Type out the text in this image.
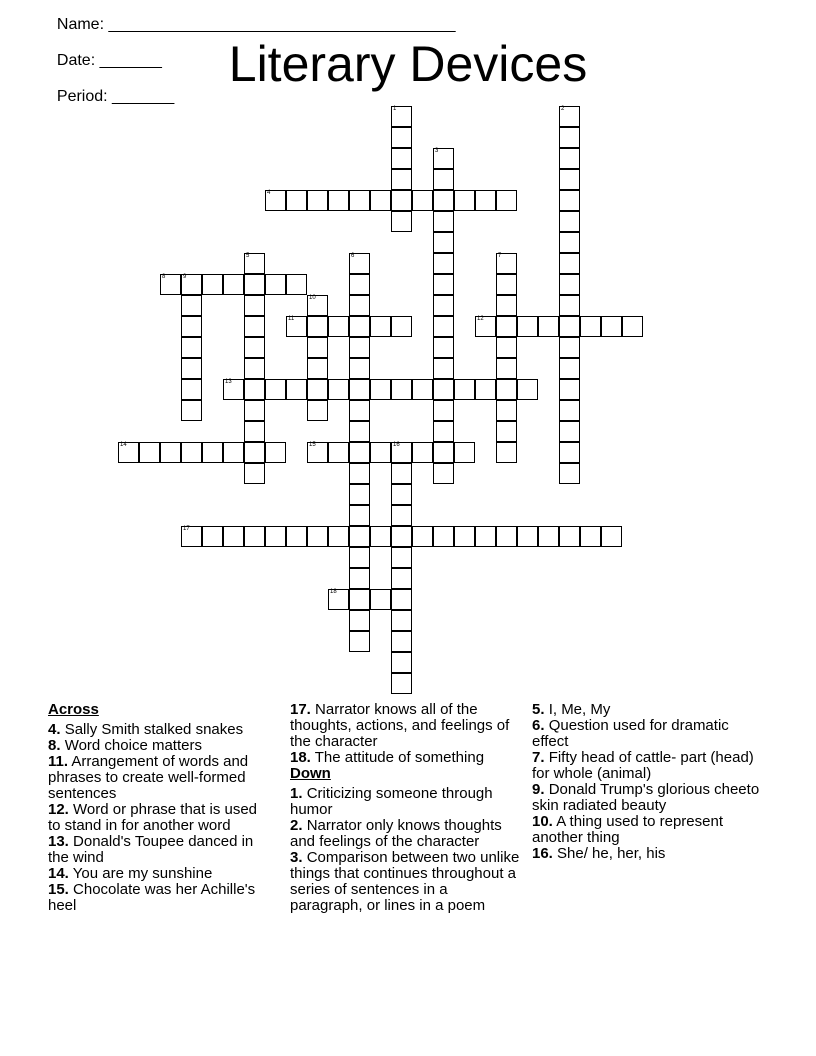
Name: _______________________________________

Date: _______

Period: _______

Literary Devices
1	2
3
4
5	6	7
8	9
10
11	12
13
14	15	16
17
18
Across
4. Sally Smith stalked snakes
8. Word choice matters
11. Arrangement of words and phrases to create well-formed sentences
12. Word or phrase that is used to stand in for another word
13. Donald's Toupee danced in the wind
14. You are my sunshine
15. Chocolate was her Achille's heel
17. Narrator knows all of the thoughts, actions, and feelings of the character
18. The attitude of something
Down
1. Criticizing someone through humor
2. Narrator only knows thoughts and feelings of the character
3. Comparison between two unlike things that continues throughout a series of sentences in a paragraph, or lines in a poem
5. I, Me, My
6. Question used for dramatic effect
7. Fifty head of cattle- part (head) for whole (animal)
9. Donald Trump's glorious cheeto skin radiated beauty
10. A thing used to represent another thing
16. She/ he, her, his
